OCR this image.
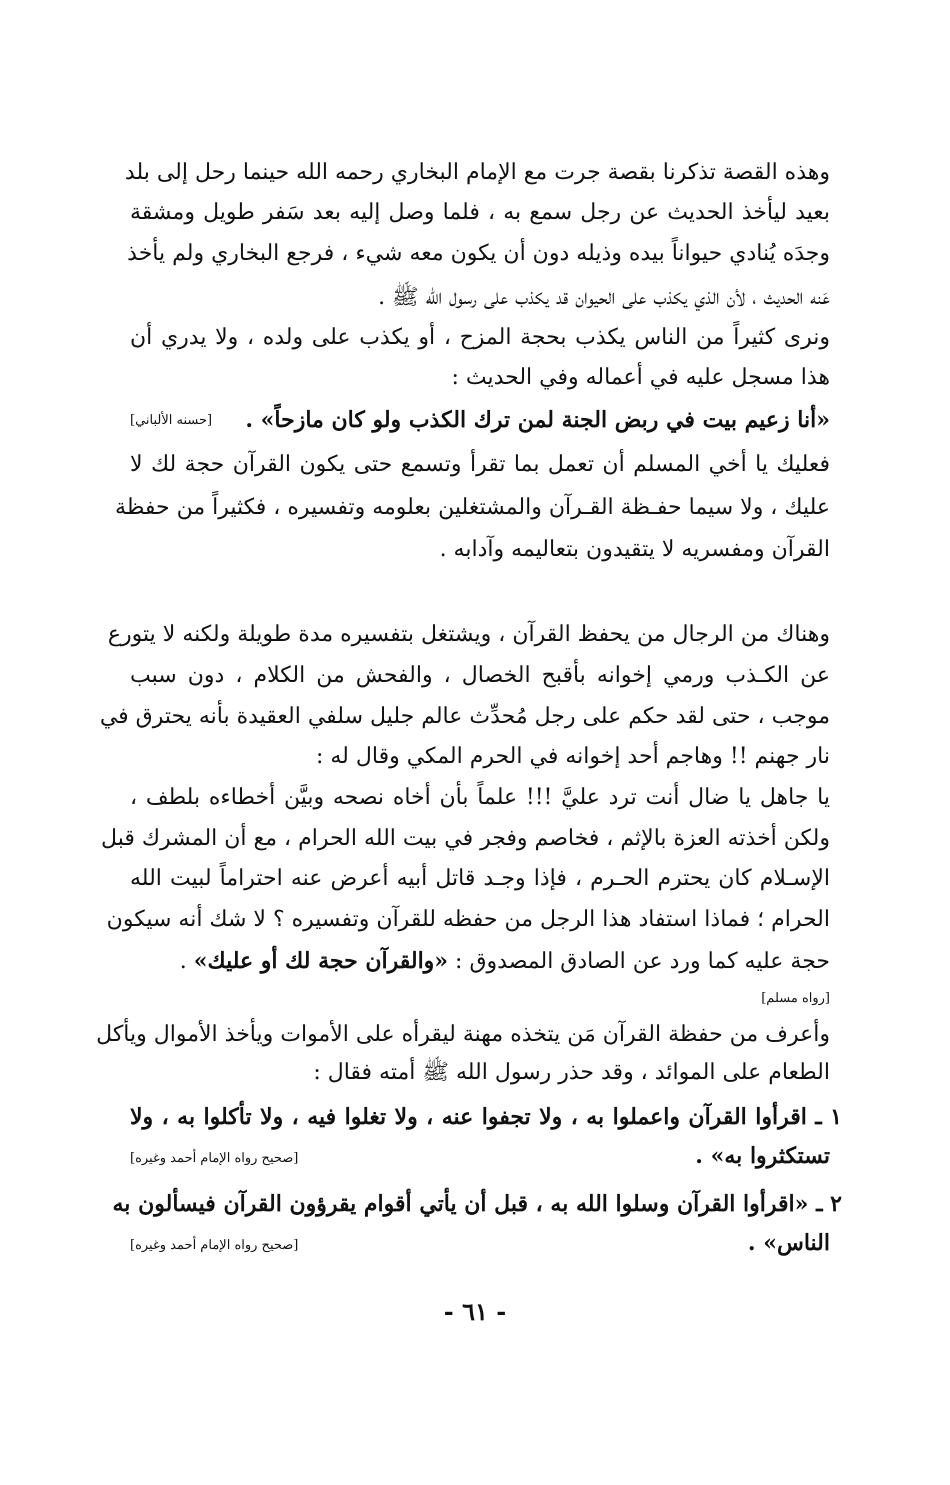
وهذه القصة تذكرنا بقصة جرت مع الإمام البخاري رحمه الله حينما رحل إلى بلد
بعيد ليأخذ الحديث عن رجل سمع به ، فلما وصل إليه بعد سَفر طويل ومشقة
وجدَه يُنادي حيواناً بيده وذيله دون أن يكون معه شيء ، فرجع البخاري ولم يأخذ
عَنه الحديث ، لأن الذي يكذب على الحيوان قد يكذب على رسول الله ﷺ .
ونرى كثيراً من الناس يكذب بحجة المزح ، أو يكذب على ولده ، ولا يدري أن
هذا مسجل عليه في أعماله وفي الحديث :
«أنا زعيم بيت في ربض الجنة لمن ترك الكذب ولو كان مازحاً» .
[حسنه الألباني]
فعليك يا أخي المسلم أن تعمل بما تقرأ وتسمع حتى يكون القرآن حجة لك لا
عليك ، ولا سيما حفـظة القـرآن والمشتغلين بعلومه وتفسيره ، فكثيراً من حفظة
القرآن ومفسريه لا يتقيدون بتعاليمه وآدابه .
وهناك من الرجال من يحفظ القرآن ، ويشتغل بتفسيره مدة طويلة ولكنه لا يتورع
عن الكـذب ورمي إخوانه بأقبح الخصال ، والفحش من الكلام ، دون سبب
موجب ، حتى لقد حكم على رجل مُحدِّث عالم جليل سلفي العقيدة بأنه يحترق في
نار جهنم !! وهاجم أحد إخوانه في الحرم المكي وقال له :
يا جاهل يا ضال أنت ترد عليَّ !!! علماً بأن أخاه نصحه وبيَّن أخطاءه بلطف ،
ولكن أخذته العزة بالإثم ، فخاصم وفجر في بيت الله الحرام ، مع أن المشرك قبل
الإسـلام كان يحترم الحـرم ، فإذا وجـد قاتل أبيه أعرض عنه احتراماً لبيت الله
الحرام ؛ فماذا استفاد هذا الرجل من حفظه للقرآن وتفسيره ؟ لا شك أنه سيكون
حجة عليه كما ورد عن الصادق المصدوق : «والقرآن حجة لك أو عليك» .
[رواه مسلم]
وأعرف من حفظة القرآن مَن يتخذه مهنة ليقرأه على الأموات ويأخذ الأموال ويأكل
الطعام على الموائد ، وقد حذر رسول الله ﷺ أمته فقال :
١ ـ اقرأوا القرآن واعملوا به ، ولا تجفوا عنه ، ولا تغلوا فيه ، ولا تأكلوا به ، ولا
تستكثروا به» .
[صحيح رواه الإمام أحمد وغيره]
٢ ـ «اقرأوا القرآن وسلوا الله به ، قبل أن يأتي أقوام يقرؤون القرآن فيسألون به
الناس» .
[صحيح رواه الإمام أحمد وغيره]
- ٦١ -
